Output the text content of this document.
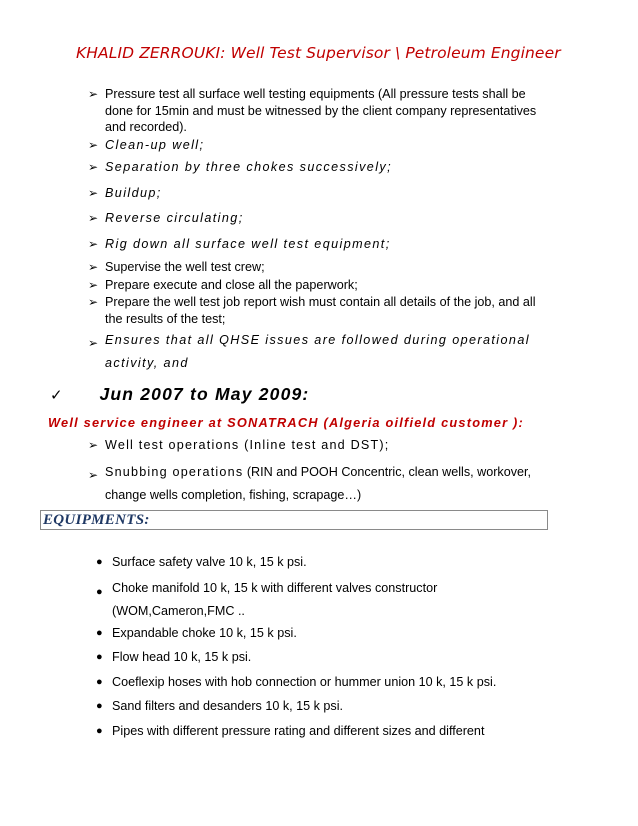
KHALID ZERROUKI: Well Test Supervisor \ Petroleum Engineer
➢ Pressure test all surface well testing equipments (All pressure tests shall be done for 15min and must be witnessed by the client company representatives and recorded).
➢ Clean-up well;
➢ Separation by three chokes successively;
➢ Buildup;
➢ Reverse circulating;
➢ Rig down all surface well test equipment;
➢ Supervise the well test crew;
➢ Prepare execute and close all the paperwork;
➢ Prepare the well test job report wish must contain all details of the job, and all the results of the test;
➢ Ensures that all QHSE issues are followed during operational activity, and
✓ Jun 2007 to May 2009:
Well service engineer at SONATRACH (Algeria oilfield customer ):
➢ Well test operations (Inline test and DST);
➢ Snubbing operations (RIN and POOH Concentric, clean wells, workover, change wells completion, fishing, scrapage…)
EQUIPMENTS:
● Surface safety valve 10 k, 15 k psi.
● Choke manifold 10 k, 15 k with different valves constructor (WOM,Cameron,FMC ..
● Expandable choke 10 k, 15 k psi.
● Flow head 10 k, 15 k psi.
● Coeflexip hoses with hob connection or hummer union 10 k, 15 k psi.
● Sand filters and desanders 10 k, 15 k psi.
● Pipes with different pressure rating and different sizes and different
